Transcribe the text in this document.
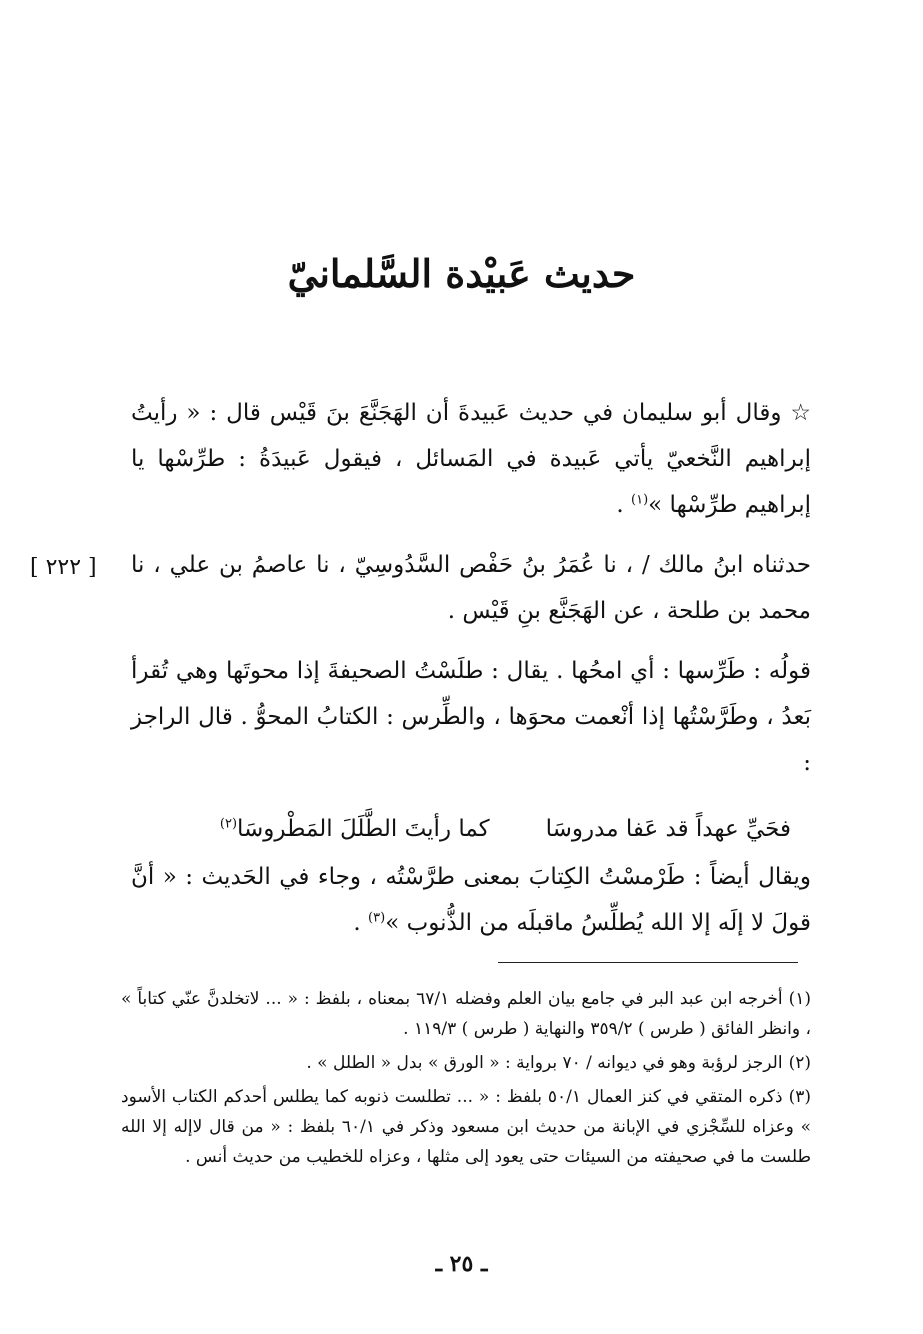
حديث عَبيْدة السَّلمانيّ
☆ وقال أبو سليمان في حديث عَبيدةَ أن الهَجَنَّعَ بنَ قَيْس قال : « رأيتُ إبراهيم النَّخعيّ يأتي عَبيدة في المَسائل ، فيقول عَبيدَةُ : طرِّسْها يا إبراهيم طرِّسْها »$^{(١)}$ .
حدثناه ابنُ مالك / ، نا عُمَرُ بنُ حَفْص السَّدُوسِيّ ، نا عاصمُ بن علي ، نا محمد بن طلحة ، عن الهَجَنَّع بنِ قَيْس .
[ ٢٢٢ ]
قولُه : طَرِّسها : أي امحُها . يقال : طلَسْتُ الصحيفةَ إذا محوتَها وهي تُقرأ بَعدُ ، وطَرَّسْتُها إذا أنْعمت محوَها ، والطِّرس : الكتابُ المحوُّ . قال الراجز :
فحَيِّ عهداً قد عَفا مدروسَا
كما رأيتَ الطَّلَلَ المَطْروسَا$^{(٢)}$
ويقال أيضاً : طَرْمسْتُ الكِتابَ بمعنى طرَّسْتُه ، وجاء في الحَديث : « أنَّ قولَ لا إلَه إلا الله يُطلِّسُ ماقبلَه من الذُّنوب »$^{(٣)}$ .

(١)أخرجه ابن عبد البر في جامع بيان العلم وفضله ٦٧/١ بمعناه ، بلفظ : « ... لاتخلدنَّ عنّي كتاباً » ، وانظر الفائق ( طرس ) ٣٥٩/٢ والنهاية ( طرس ) ١١٩/٣ .

(٢)الرجز لرؤبة وهو في ديوانه / ٧٠ برواية : « الورق » بدل « الطلل » .

(٣)ذكره المتقي في كنز العمال ٥٠/١ بلفظ : « ... تطلست ذنوبه كما يطلس أحدكم الكتاب الأسود » وعزاه للسِّجْزي في الإبانة من حديث ابن مسعود وذكر في ٦٠/١ بلفظ : « من قال لاإله إلا الله طلست ما في صحيفته من السيئات حتى يعود إلى مثلها ، وعزاه للخطيب من حديث أنس .

ـ ٢٥ ـ
